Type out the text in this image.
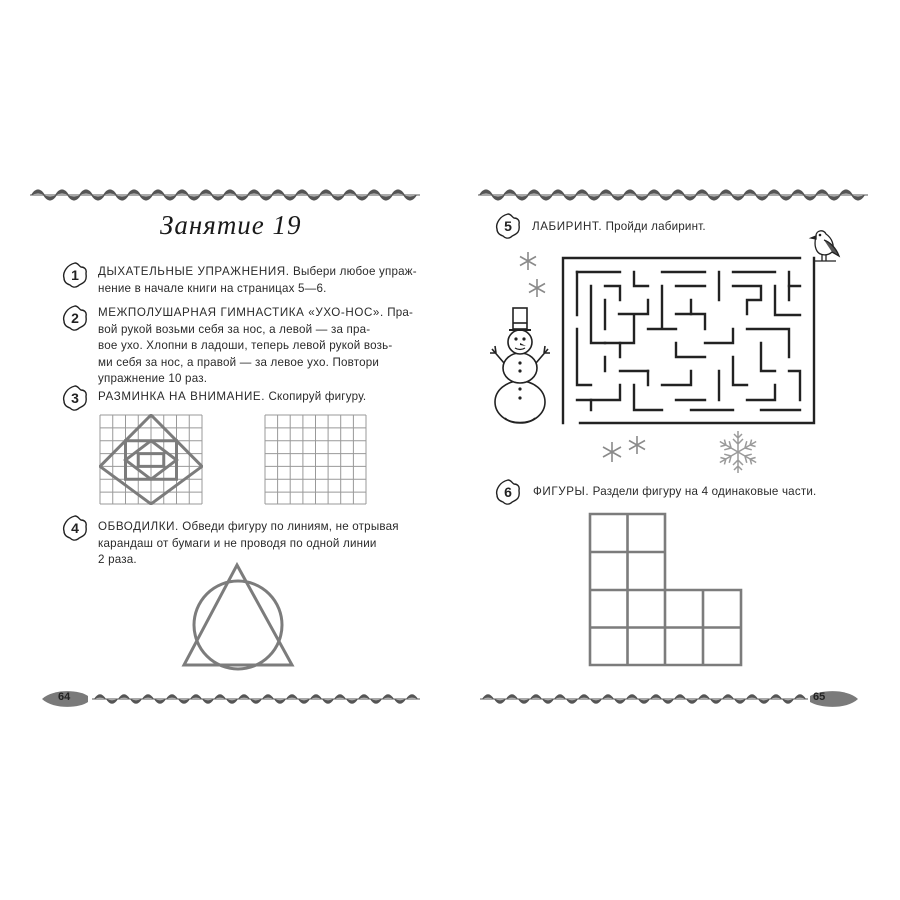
Занятие 19
1 ДЫХАТЕЛЬНЫЕ УПРАЖНЕНИЯ. Выбери любое упраж-
нение в начале книги на страницах 5—6.
2 МЕЖПОЛУШАРНАЯ ГИМНАСТИКА «УХО-НОС». Пра-
вой рукой возьми себя за нос, а левой — за пра-
вое ухо. Хлопни в ладоши, теперь левой рукой возь-
ми себя за нос, а правой — за левое ухо. Повтори
упражнение 10 раз.
3 РАЗМИНКА НА ВНИМАНИЕ. Скопируй фигуру.
4 ОБВОДИЛКИ. Обведи фигуру по линиям, не отрывая
карандаш от бумаги и не проводя по одной линии
2 раза.
64
5 ЛАБИРИНТ. Пройди лабиринт.
6 ФИГУРЫ. Раздели фигуру на 4 одинаковые части.
65
